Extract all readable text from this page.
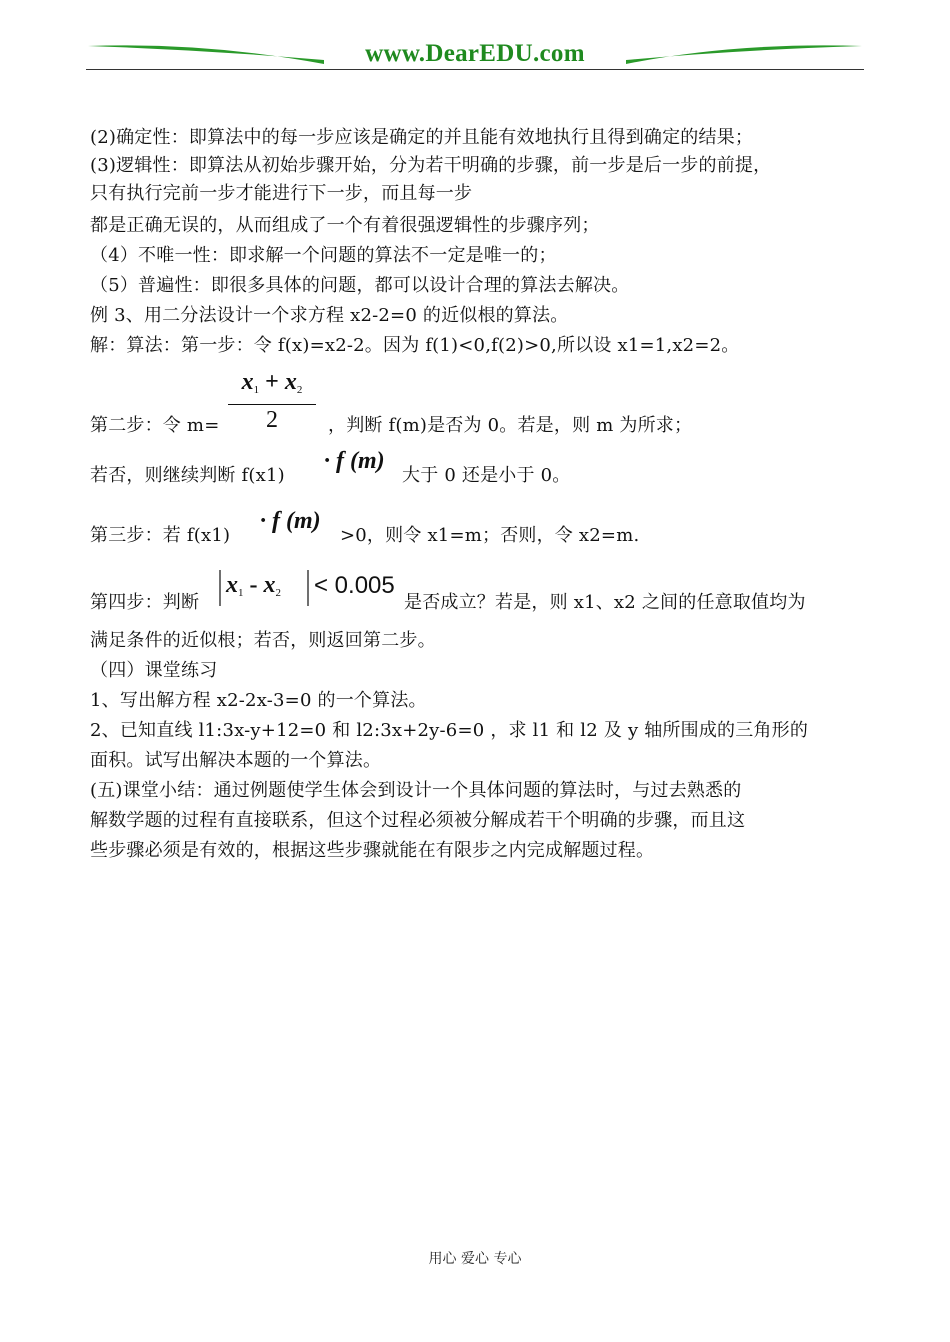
www.DearEDU.com
(2)确定性：即算法中的每一步应该是确定的并且能有效地执行且得到确定的结果；
(3)逻辑性：即算法从初始步骤开始，分为若干明确的步骤，前一步是后一步的前提，
只有执行完前一步才能进行下一步，而且每一步
都是正确无误的，从而组成了一个有着很强逻辑性的步骤序列；
（4）不唯一性：即求解一个问题的算法不一定是唯一的；
（5）普遍性：即很多具体的问题，都可以设计合理的算法去解决。
例 3、用二分法设计一个求方程 x2-2=0 的近似根的算法。
解：算法：第一步：令 f(x)=x2-2。因为 f(1)<0,f(2)>0,所以设 x1=1,x2=2。
$x_1 + x_2$
2
第二步：令 m=	，判断 f(m)是否为 0。若是，则 m 为所求；
若否，则继续判断 f(x1)
· f (m)
大于 0 还是小于 0。
第三步：若 f(x1)
· f (m)
>0，则令 x1=m；否则，令 x2=m.
第四步：判断
$x_1 - x_2 < 0.005$
是否成立？若是，则 x1、x2 之间的任意取值均为
满足条件的近似根；若否，则返回第二步。
（四）课堂练习
1、写出解方程 x2-2x-3=0 的一个算法。
2、已知直线 l1:3x-y+12=0 和 l2:3x+2y-6=0 ，求 l1 和 l2 及 y 轴所围成的三角形的
面积。试写出解决本题的一个算法。
(五)课堂小结：通过例题使学生体会到设计一个具体问题的算法时，与过去熟悉的
解数学题的过程有直接联系，但这个过程必须被分解成若干个明确的步骤，而且这
些步骤必须是有效的，根据这些步骤就能在有限步之内完成解题过程。
用心 爱心 专心
